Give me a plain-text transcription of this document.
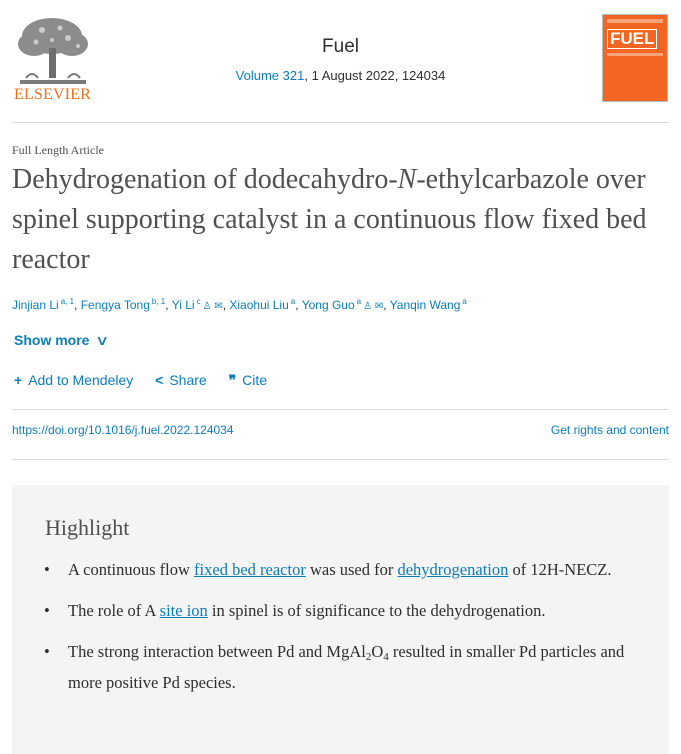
ELSEVIER
Fuel
Volume 321, 1 August 2022, 124034
FUEL
Full Length Article
Dehydrogenation of dodecahydro-N-ethylcarbazole over spinel supporting catalyst in a continuous flow fixed bed reactor
Jinjian Li $^{a, 1}$, Fengya Tong $^{b, 1}$, Yi Li $^c$ ♙ ✉, Xiaohui Liu $^a$, Yong Guo $^a$ ♙ ✉, Yanqin Wang $^a$
Show more ∨
+ Add to Mendeley < Share ❞ Cite
https://doi.org/10.1016/j.fuel.2022.124034	Get rights and content
Highlight
• A continuous flow fixed bed reactor was used for dehydrogenation of 12H-NECZ.
• The role of A site ion in spinel is of significance to the dehydrogenation.
• The strong interaction between Pd and $MgAl_2O_4$ resulted in smaller Pd particles and more positive Pd species.
